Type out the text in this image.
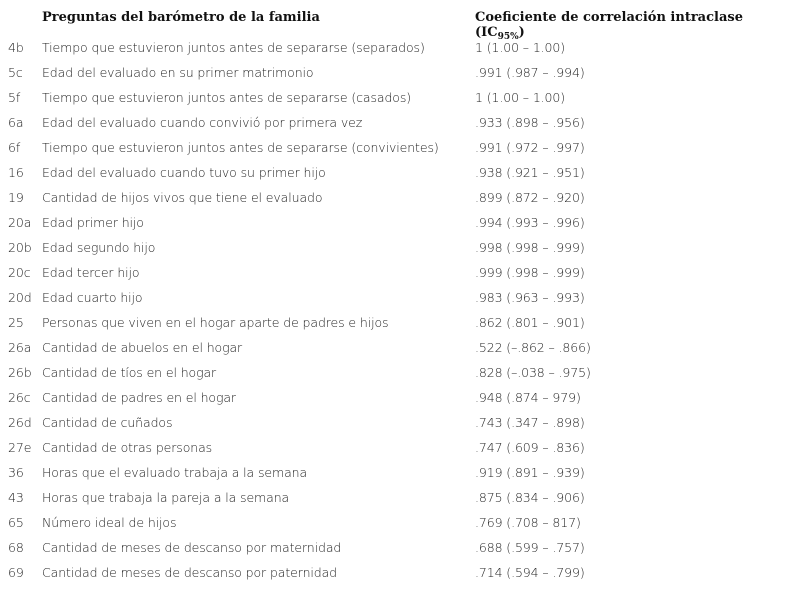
Preguntas del barómetro de la familia	Coeficiente de correlación intraclase $(IC_{95\%})$
4b Tiempo que estuvieron juntos antes de separarse (separados)	1 (1.00 – 1.00)
5c Edad del evaluado en su primer matrimonio	.991 (.987 – .994)
5f Tiempo que estuvieron juntos antes de separarse (casados)	1 (1.00 – 1.00)
6a Edad del evaluado cuando convivió por primera vez	.933 (.898 – .956)
6f Tiempo que estuvieron juntos antes de separarse (convivientes)	.991 (.972 – .997)
16 Edad del evaluado cuando tuvo su primer hijo	.938 (.921 – .951)
19 Cantidad de hijos vivos que tiene el evaluado	.899 (.872 – .920)
20a Edad primer hijo	.994 (.993 – .996)
20b Edad segundo hijo	.998 (.998 – .999)
20c Edad tercer hijo	.999 (.998 – .999)
20d Edad cuarto hijo	.983 (.963 – .993)
25 Personas que viven en el hogar aparte de padres e hijos	.862 (.801 – .901)
26a Cantidad de abuelos en el hogar	.522 (–.862 – .866)
26b Cantidad de tíos en el hogar	.828 (–.038 – .975)
26c Cantidad de padres en el hogar	.948 (.874 – 979)
26d Cantidad de cuñados	.743 (.347 – .898)
27e Cantidad de otras personas	.747 (.609 – .836)
36 Horas que el evaluado trabaja a la semana	.919 (.891 – .939)
43 Horas que trabaja la pareja a la semana	.875 (.834 – .906)
65 Número ideal de hijos	.769 (.708 – 817)
68 Cantidad de meses de descanso por maternidad	.688 (.599 – .757)
69 Cantidad de meses de descanso por paternidad	.714 (.594 – .799)
